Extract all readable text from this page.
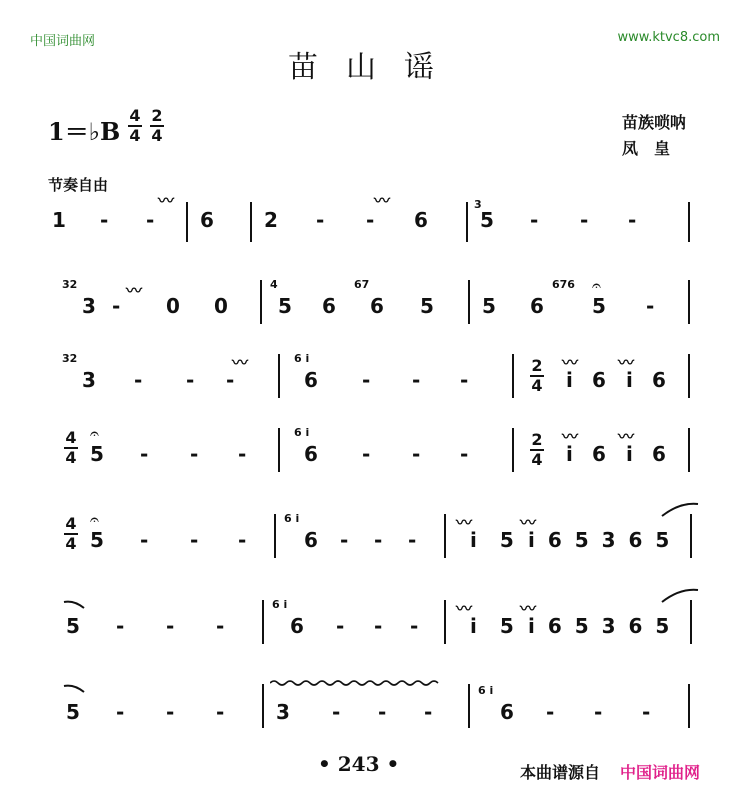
中国词曲网	www.ktvc8.com
苗山谣
1＝♭B
4
4
2
4
苗族唢呐
凤　皇
节奏自由
1 - -
〰
6	2 - -
〰
6
3
5 - - -
32
3 -
〰
0 0
4
5 6
67
6 5 5 6
676 𝄐
5 -
32
3 - - -
〰	6 i
6 - - -
2
4
〰
i 6
〰
i 6
4
4
𝄐
5 - - -
6 i
6 - - -
2
4
〰
i 6
〰
i 6
4
4
𝄐
5 - - -
6 i
6 - - -
〰
i 5
〰
i 6 5 3 6 5
5 - - -
6 i
6 - - -
〰
i 5
〰
i 6 5 3 6 5
5 - - -	3 - - -
6 i
6 - - -
• 243 •	本曲谱源自 中国词曲网
